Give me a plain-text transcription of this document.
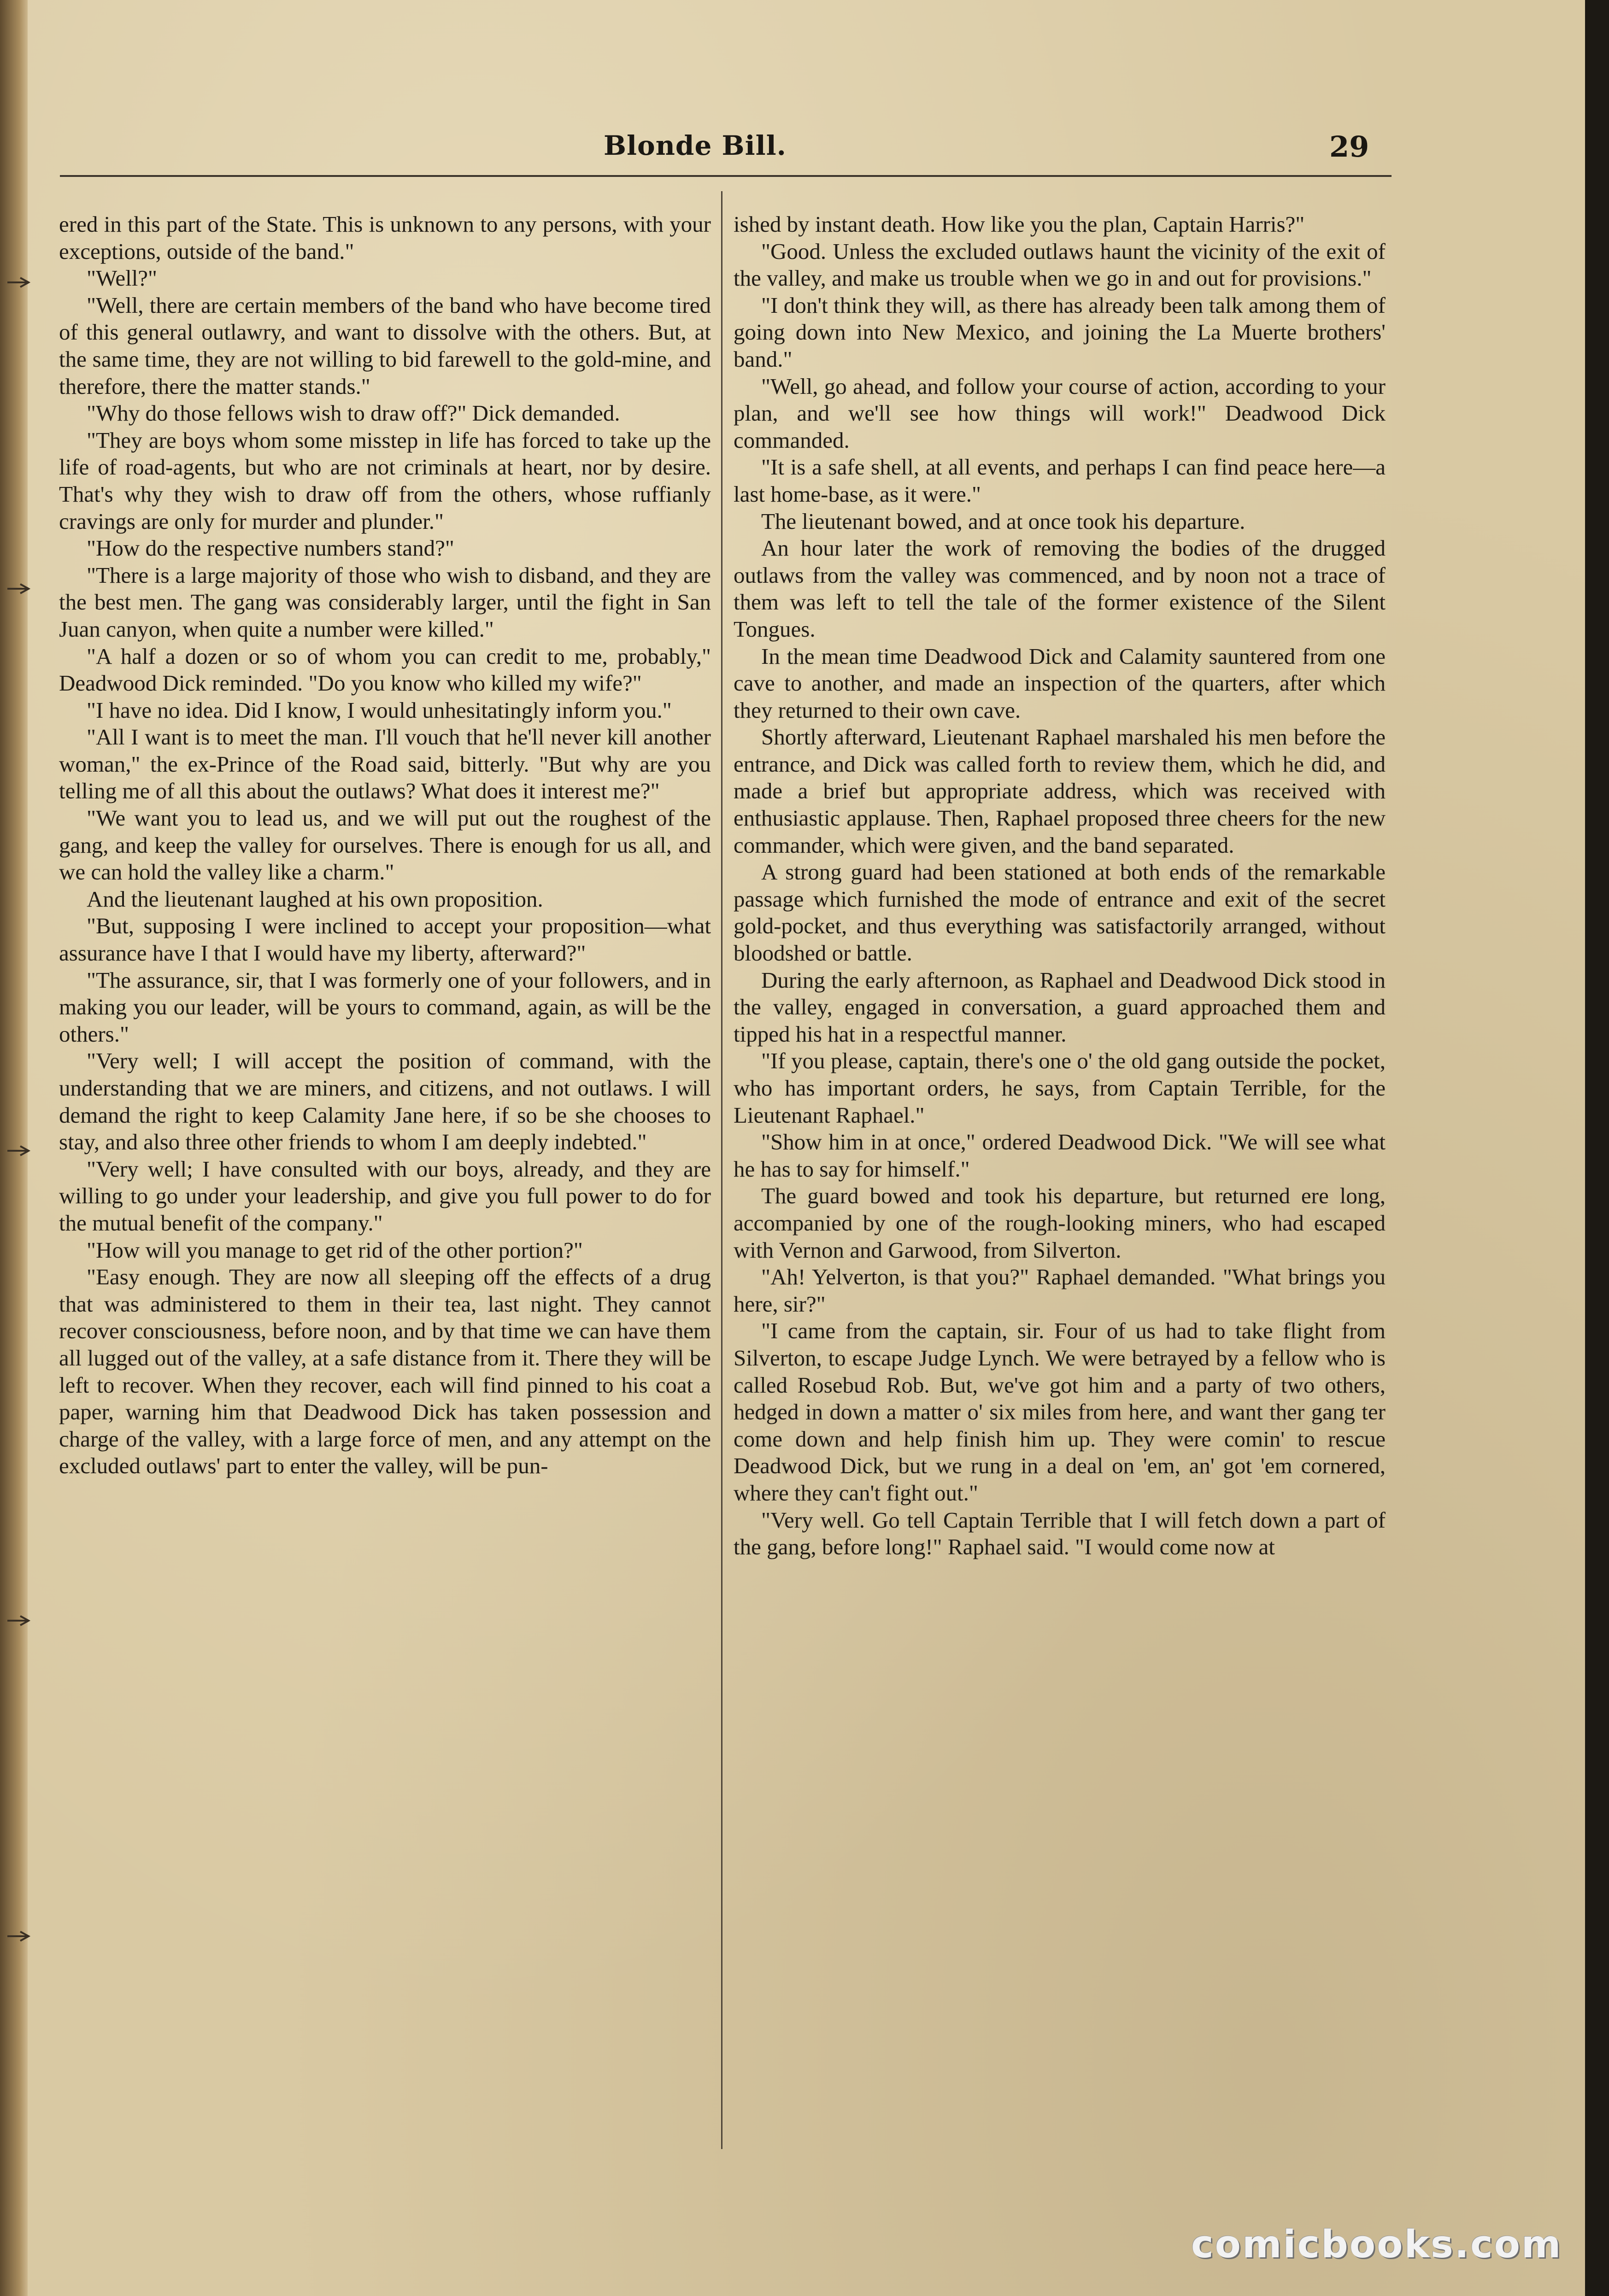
Blonde Bill.	29

ered in this part of the State. This is unknown to any persons, with your exceptions, outside of the band."

"Well?"

"Well, there are certain members of the band who have become tired of this general outlawry, and want to dissolve with the others. But, at the same time, they are not willing to bid farewell to the gold-mine, and therefore, there the matter stands."

"Why do those fellows wish to draw off?" Dick demanded.

"They are boys whom some misstep in life has forced to take up the life of road-agents, but who are not criminals at heart, nor by desire. That's why they wish to draw off from the others, whose ruffianly cravings are only for murder and plunder."

"How do the respective numbers stand?"

"There is a large majority of those who wish to disband, and they are the best men. The gang was considerably larger, until the fight in San Juan canyon, when quite a number were killed."

"A half a dozen or so of whom you can credit to me, probably," Deadwood Dick reminded. "Do you know who killed my wife?"

"I have no idea. Did I know, I would unhesitatingly inform you."

"All I want is to meet the man. I'll vouch that he'll never kill another woman," the ex-Prince of the Road said, bitterly. "But why are you telling me of all this about the outlaws? What does it interest me?"

"We want you to lead us, and we will put out the roughest of the gang, and keep the valley for ourselves. There is enough for us all, and we can hold the valley like a charm."

And the lieutenant laughed at his own proposition.

"But, supposing I were inclined to accept your proposition—what assurance have I that I would have my liberty, afterward?"

"The assurance, sir, that I was formerly one of your followers, and in making you our leader, will be yours to command, again, as will be the others."

"Very well; I will accept the position of command, with the understanding that we are miners, and citizens, and not outlaws. I will demand the right to keep Calamity Jane here, if so be she chooses to stay, and also three other friends to whom I am deeply indebted."

"Very well; I have consulted with our boys, already, and they are willing to go under your leadership, and give you full power to do for the mutual benefit of the company."

"How will you manage to get rid of the other portion?"

"Easy enough. They are now all sleeping off the effects of a drug that was administered to them in their tea, last night. They cannot recover consciousness, before noon, and by that time we can have them all lugged out of the valley, at a safe distance from it. There they will be left to recover. When they recover, each will find pinned to his coat a paper, warning him that Deadwood Dick has taken possession and charge of the valley, with a large force of men, and any attempt on the excluded outlaws' part to enter the valley, will be pun-

ished by instant death. How like you the plan, Captain Harris?"

"Good. Unless the excluded outlaws haunt the vicinity of the exit of the valley, and make us trouble when we go in and out for provisions."

"I don't think they will, as there has already been talk among them of going down into New Mexico, and joining the La Muerte brothers' band."

"Well, go ahead, and follow your course of action, according to your plan, and we'll see how things will work!" Deadwood Dick commanded.

"It is a safe shell, at all events, and perhaps I can find peace here—a last home-base, as it were."

The lieutenant bowed, and at once took his departure.

An hour later the work of removing the bodies of the drugged outlaws from the valley was commenced, and by noon not a trace of them was left to tell the tale of the former existence of the Silent Tongues.

In the mean time Deadwood Dick and Calamity sauntered from one cave to another, and made an inspection of the quarters, after which they returned to their own cave.

Shortly afterward, Lieutenant Raphael marshaled his men before the entrance, and Dick was called forth to review them, which he did, and made a brief but appropriate address, which was received with enthusiastic applause. Then, Raphael proposed three cheers for the new commander, which were given, and the band separated.

A strong guard had been stationed at both ends of the remarkable passage which furnished the mode of entrance and exit of the secret gold-pocket, and thus everything was satisfactorily arranged, without bloodshed or battle.

During the early afternoon, as Raphael and Deadwood Dick stood in the valley, engaged in conversation, a guard approached them and tipped his hat in a respectful manner.

"If you please, captain, there's one o' the old gang outside the pocket, who has important orders, he says, from Captain Terrible, for the Lieutenant Raphael."

"Show him in at once," ordered Deadwood Dick. "We will see what he has to say for himself."

The guard bowed and took his departure, but returned ere long, accompanied by one of the rough-looking miners, who had escaped with Vernon and Garwood, from Silverton.

"Ah! Yelverton, is that you?" Raphael demanded. "What brings you here, sir?"

"I came from the captain, sir. Four of us had to take flight from Silverton, to escape Judge Lynch. We were betrayed by a fellow who is called Rosebud Rob. But, we've got him and a party of two others, hedged in down a matter o' six miles from here, and want ther gang ter come down and help finish him up. They were comin' to rescue Deadwood Dick, but we rung in a deal on 'em, an' got 'em cornered, where they can't fight out."

"Very well. Go tell Captain Terrible that I will fetch down a part of the gang, before long!" Raphael said. "I would come now at

comicbooks.com
